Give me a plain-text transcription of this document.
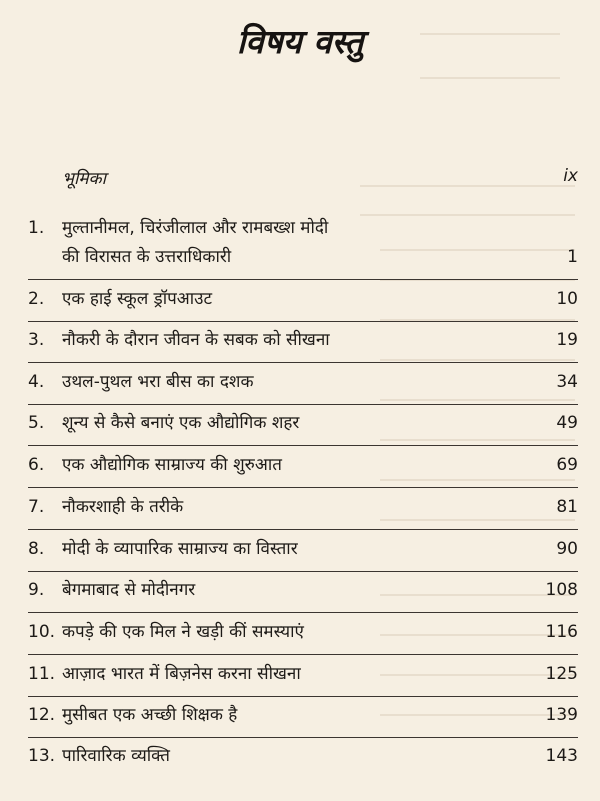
विषय वस्तु
भूमिका	ix
1.	मुल्तानीमल, चिरंजीलाल और रामबख्श मोदी
की विरासत के उत्तराधिकारी	1
2.	एक हाई स्कूल ड्रॉपआउट	10
3.	नौकरी के दौरान जीवन के सबक को सीखना	19
4.	उथल-पुथल भरा बीस का दशक	34
5.	शून्य से कैसे बनाएं एक औद्योगिक शहर	49
6.	एक औद्योगिक साम्राज्य की शुरुआत	69
7.	नौकरशाही के तरीके	81
8.	मोदी के व्यापारिक साम्राज्य का विस्तार	90
9.	बेगमाबाद से मोदीनगर	108
10. कपड़े की एक मिल ने खड़ी कीं समस्याएं	116
11. आज़ाद भारत में बिज़नेस करना सीखना	125
12. मुसीबत एक अच्छी शिक्षक है	139
13. पारिवारिक व्यक्ति	143
